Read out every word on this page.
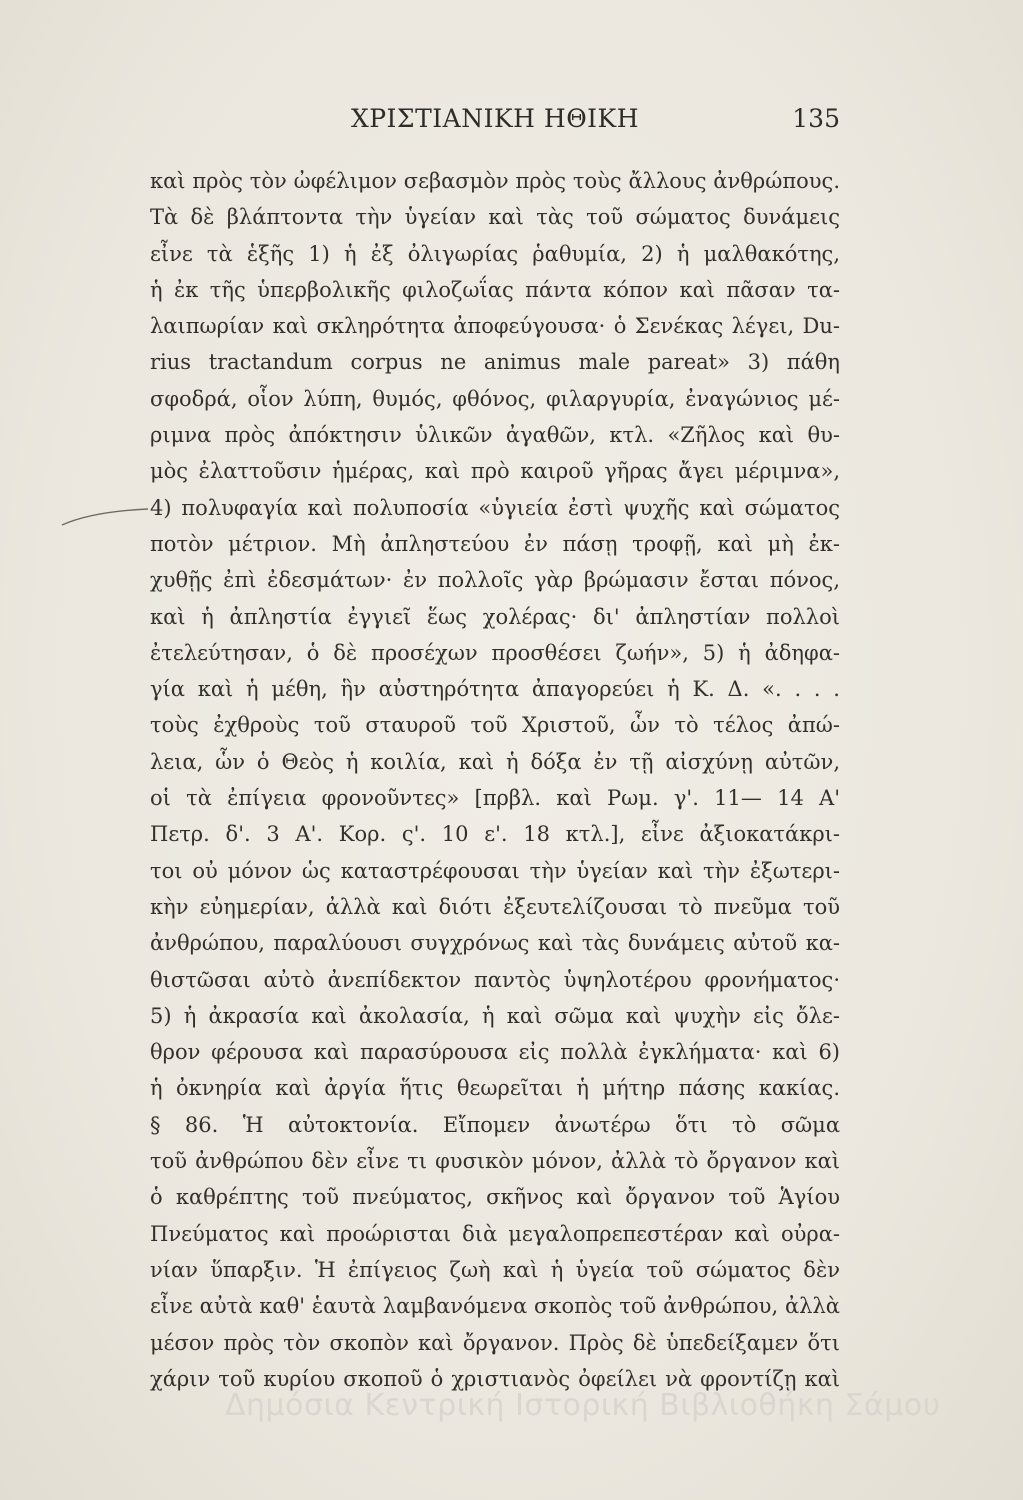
ΧΡΙΣΤΙΑΝΙΚΗ ΗΘΙΚΗ	135
καὶ πρὸς τὸν ὠφέλιμον σεβασμὸν πρὸς τοὺς ἄλλους ἀνθρώπους.
Τὰ δὲ βλάπτοντα τὴν ὑγείαν καὶ τὰς τοῦ σώματος δυνάμεις
εἶνε τὰ ἑξῆς 1) ἡ ἐξ ὀλιγωρίας ῥαθυμία, 2) ἡ μαλθακότης,
ἡ ἐκ τῆς ὑπερβολικῆς φιλοζωΐας πάντα κόπον καὶ πᾶσαν τα-
λαιπωρίαν καὶ σκληρότητα ἀποφεύγουσα· ὁ Σενέκας λέγει, Du-
rius tractandum corpus ne animus male pareat» 3) πάθη
σφοδρά, οἷον λύπη, θυμός, φθόνος, φιλαργυρία, ἐναγώνιος μέ-
ριμνα πρὸς ἀπόκτησιν ὑλικῶν ἀγαθῶν, κτλ. «Ζῆλος καὶ θυ-
μὸς ἐλαττοῦσιν ἡμέρας, καὶ πρὸ καιροῦ γῆρας ἄγει μέριμνα»,
4) πολυφαγία καὶ πολυποσία «ὑγιεία ἐστὶ ψυχῆς καὶ σώματος
ποτὸν μέτριον. Μὴ ἀπληστεύου ἐν πάσῃ τροφῇ, καὶ μὴ ἐκ-
χυθῇς ἐπὶ ἐδεσμάτων· ἐν πολλοῖς γὰρ βρώμασιν ἔσται πόνος,
καὶ ἡ ἀπληστία ἐγγιεῖ ἕως χολέρας· δι' ἀπληστίαν πολλοὶ
ἐτελεύτησαν, ὁ δὲ προσέχων προσθέσει ζωήν», 5) ἡ ἀδηφα-
γία καὶ ἡ μέθη, ἣν αὐστηρότητα ἀπαγορεύει ἡ Κ. Δ. «. . . .
τοὺς ἐχθροὺς τοῦ σταυροῦ τοῦ Χριστοῦ, ὧν τὸ τέλος ἀπώ-
λεια, ὧν ὁ Θεὸς ἡ κοιλία, καὶ ἡ δόξα ἐν τῇ αἰσχύνῃ αὐτῶν,
οἱ τὰ ἐπίγεια φρονοῦντες» [πρβλ. καὶ Ρωμ. γ'. 11— 14 Α'
Πετρ. δ'. 3 Α'. Κορ. ς'. 10 ε'. 18 κτλ.], εἶνε ἀξιοκατάκρι-
τοι οὐ μόνον ὡς καταστρέφουσαι τὴν ὑγείαν καὶ τὴν ἐξωτερι-
κὴν εὐημερίαν, ἀλλὰ καὶ διότι ἐξευτελίζουσαι τὸ πνεῦμα τοῦ
ἀνθρώπου, παραλύουσι συγχρόνως καὶ τὰς δυνάμεις αὐτοῦ κα-
θιστῶσαι αὐτὸ ἀνεπίδεκτον παντὸς ὑψηλοτέρου φρονήματος·
5) ἡ ἀκρασία καὶ ἀκολασία, ἡ καὶ σῶμα καὶ ψυχὴν εἰς ὄλε-
θρον φέρουσα καὶ παρασύρουσα εἰς πολλὰ ἐγκλήματα· καὶ 6)
ἡ ὀκνηρία καὶ ἀργία ἥτις θεωρεῖται ἡ μήτηρ πάσης κακίας.
§ 86. Ἡ αὐτοκτονία. Εἴπομεν ἀνωτέρω ὅτι τὸ σῶμα
τοῦ ἀνθρώπου δὲν εἶνε τι φυσικὸν μόνον, ἀλλὰ τὸ ὄργανον καὶ
ὁ καθρέπτης τοῦ πνεύματος, σκῆνος καὶ ὄργανον τοῦ Ἁγίου
Πνεύματος καὶ προώρισται διὰ μεγαλοπρεπεστέραν καὶ οὐρα-
νίαν ὕπαρξιν. Ἡ ἐπίγειος ζωὴ καὶ ἡ ὑγεία τοῦ σώματος δὲν
εἶνε αὐτὰ καθ' ἑαυτὰ λαμβανόμενα σκοπὸς τοῦ ἀνθρώπου, ἀλλὰ
μέσον πρὸς τὸν σκοπὸν καὶ ὄργανον. Πρὸς δὲ ὑπεδείξαμεν ὅτι
χάριν τοῦ κυρίου σκοποῦ ὁ χριστιανὸς ὀφείλει νὰ φροντίζῃ καὶ
Δημόσια Κεντρική Ιστορική Βιβλιοθήκη Σάμου
